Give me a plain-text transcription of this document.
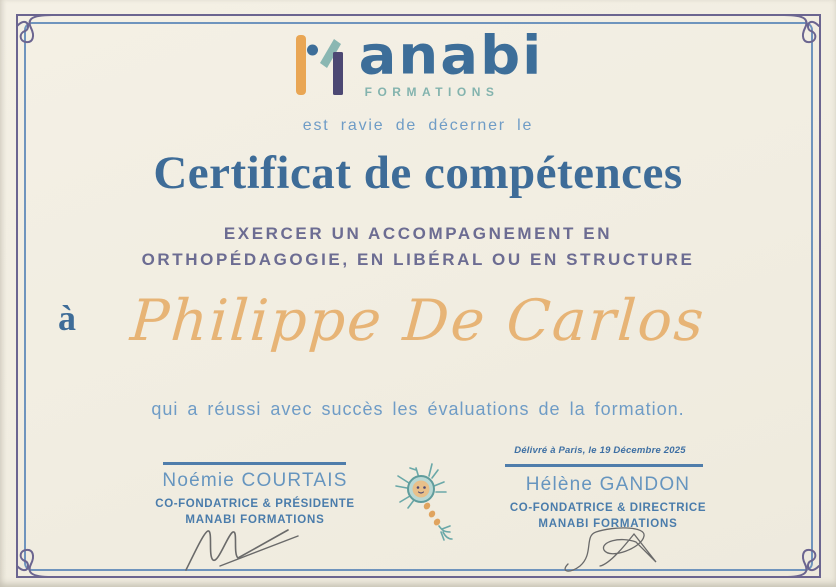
anabi
FORMATIONS
est ravie de décerner le
Certificat de compétences
EXERCER UN ACCOMPAGNEMENT EN
ORTHOPÉDAGOGIE, EN LIBÉRAL OU EN STRUCTURE
à Philippe De Carlos
qui a réussi avec succès les évaluations de la formation.
Délivré à Paris, le 19 Décembre 2025
Noémie COURTAIS
CO-FONDATRICE & PRÉSIDENTE
MANABI FORMATIONS
Hélène GANDON
CO-FONDATRICE & DIRECTRICE
MANABI FORMATIONS
